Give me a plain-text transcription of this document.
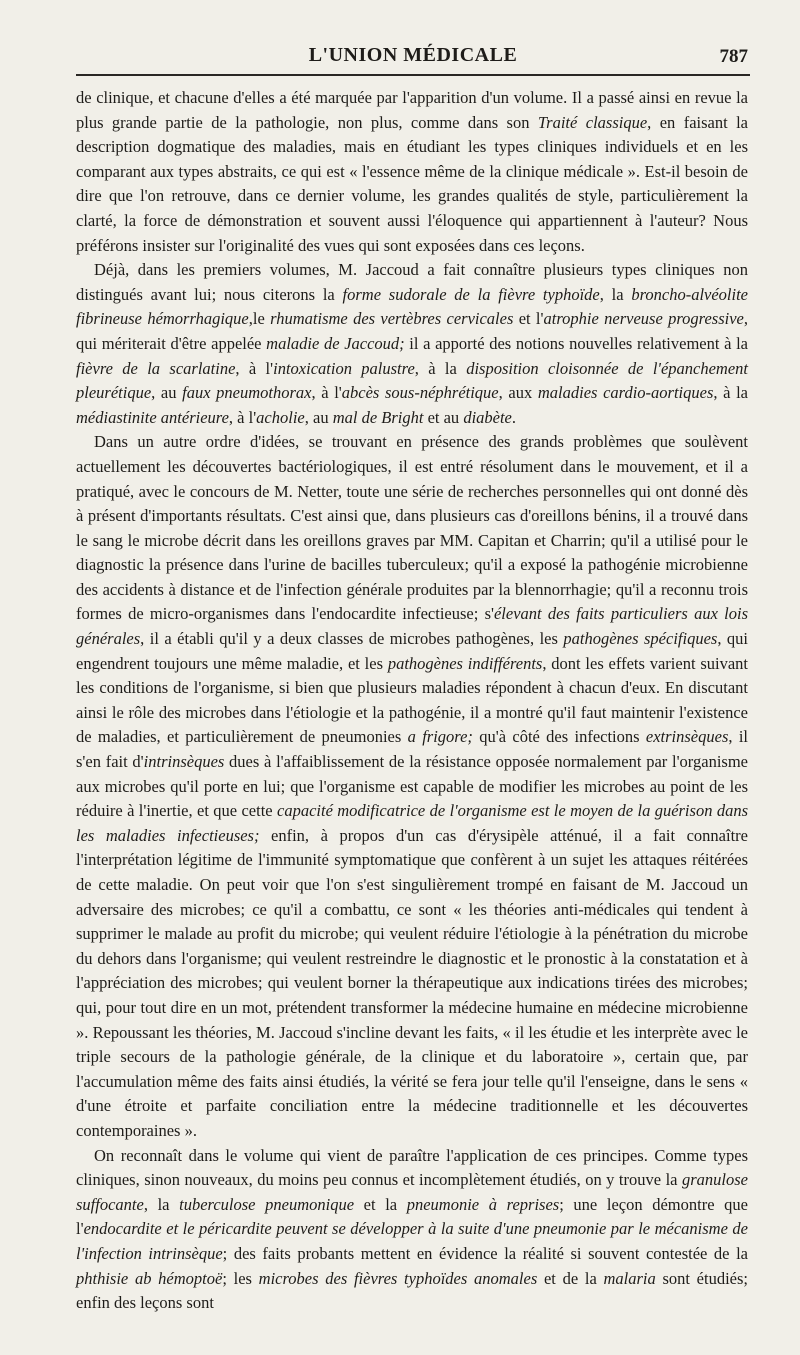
L'UNION MÉDICALE	787

de clinique, et chacune d'elles a été marquée par l'apparition d'un volume. Il a passé ainsi en revue la plus grande partie de la pathologie, non plus, comme dans son Traité classique, en faisant la description dogmatique des maladies, mais en étudiant les types cliniques individuels et en les comparant aux types abstraits, ce qui est « l'essence même de la clinique médicale ». Est-il besoin de dire que l'on retrouve, dans ce dernier volume, les grandes qualités de style, particulièrement la clarté, la force de démonstration et souvent aussi l'éloquence qui appartiennent à l'auteur? Nous préférons insister sur l'originalité des vues qui sont exposées dans ces leçons.

Déjà, dans les premiers volumes, M. Jaccoud a fait connaître plusieurs types cliniques non distingués avant lui; nous citerons la forme sudorale de la fièvre typhoïde, la broncho-alvéolite fibrineuse hémorrhagique,le rhumatisme des vertèbres cervicales et l'atrophie nerveuse progressive, qui mériterait d'être appelée maladie de Jaccoud; il a apporté des notions nouvelles relativement à la fièvre de la scarlatine, à l'intoxication palustre, à la disposition cloisonnée de l'épanchement pleurétique, au faux pneumothorax, à l'abcès sous-néphrétique, aux maladies cardio-aortiques, à la médiastinite antérieure, à l'acholie, au mal de Bright et au diabète.

Dans un autre ordre d'idées, se trouvant en présence des grands problèmes que soulèvent actuellement les découvertes bactériologiques, il est entré résolument dans le mouvement, et il a pratiqué, avec le concours de M. Netter, toute une série de recherches personnelles qui ont donné dès à présent d'importants résultats. C'est ainsi que, dans plusieurs cas d'oreillons bénins, il a trouvé dans le sang le microbe décrit dans les oreillons graves par MM. Capitan et Charrin; qu'il a utilisé pour le diagnostic la présence dans l'urine de bacilles tuberculeux; qu'il a exposé la pathogénie microbienne des accidents à distance et de l'infection générale produites par la blennorrhagie; qu'il a reconnu trois formes de micro-organismes dans l'endocardite infectieuse; s'élevant des faits particuliers aux lois générales, il a établi qu'il y a deux classes de microbes pathogènes, les pathogènes spécifiques, qui engendrent toujours une même maladie, et les pathogènes indifférents, dont les effets varient suivant les conditions de l'organisme, si bien que plusieurs maladies répondent à chacun d'eux. En discutant ainsi le rôle des microbes dans l'étiologie et la pathogénie, il a montré qu'il faut maintenir l'existence de maladies, et particulièrement de pneumonies a frigore; qu'à côté des infections extrinsèques, il s'en fait d'intrinsèques dues à l'affaiblissement de la résistance opposée normalement par l'organisme aux microbes qu'il porte en lui; que l'organisme est capable de modifier les microbes au point de les réduire à l'inertie, et que cette capacité modificatrice de l'organisme est le moyen de la guérison dans les maladies infectieuses; enfin, à propos d'un cas d'érysipèle atténué, il a fait connaître l'interprétation légitime de l'immunité symptomatique que confèrent à un sujet les attaques réitérées de cette maladie. On peut voir que l'on s'est singulièrement trompé en faisant de M. Jaccoud un adversaire des microbes; ce qu'il a combattu, ce sont « les théories anti-médicales qui tendent à supprimer le malade au profit du microbe; qui veulent réduire l'étiologie à la pénétration du microbe du dehors dans l'organisme; qui veulent restreindre le diagnostic et le pronostic à la constatation et à l'appréciation des microbes; qui veulent borner la thérapeutique aux indications tirées des microbes; qui, pour tout dire en un mot, prétendent transformer la médecine humaine en médecine microbienne ». Repoussant les théories, M. Jaccoud s'incline devant les faits, « il les étudie et les interprète avec le triple secours de la pathologie générale, de la clinique et du laboratoire », certain que, par l'accumulation même des faits ainsi étudiés, la vérité se fera jour telle qu'il l'enseigne, dans le sens « d'une étroite et parfaite conciliation entre la médecine traditionnelle et les découvertes contemporaines ».

On reconnaît dans le volume qui vient de paraître l'application de ces principes. Comme types cliniques, sinon nouveaux, du moins peu connus et incomplètement étudiés, on y trouve la granulose suffocante, la tuberculose pneumonique et la pneumonie à reprises; une leçon démontre que l'endocardite et le péricardite peuvent se développer à la suite d'une pneumonie par le mécanisme de l'infection intrinsèque; des faits probants mettent en évidence la réalité si souvent contestée de la phthisie ab hémoptoë; les microbes des fièvres typhoïdes anomales et de la malaria sont étudiés; enfin des leçons sont
